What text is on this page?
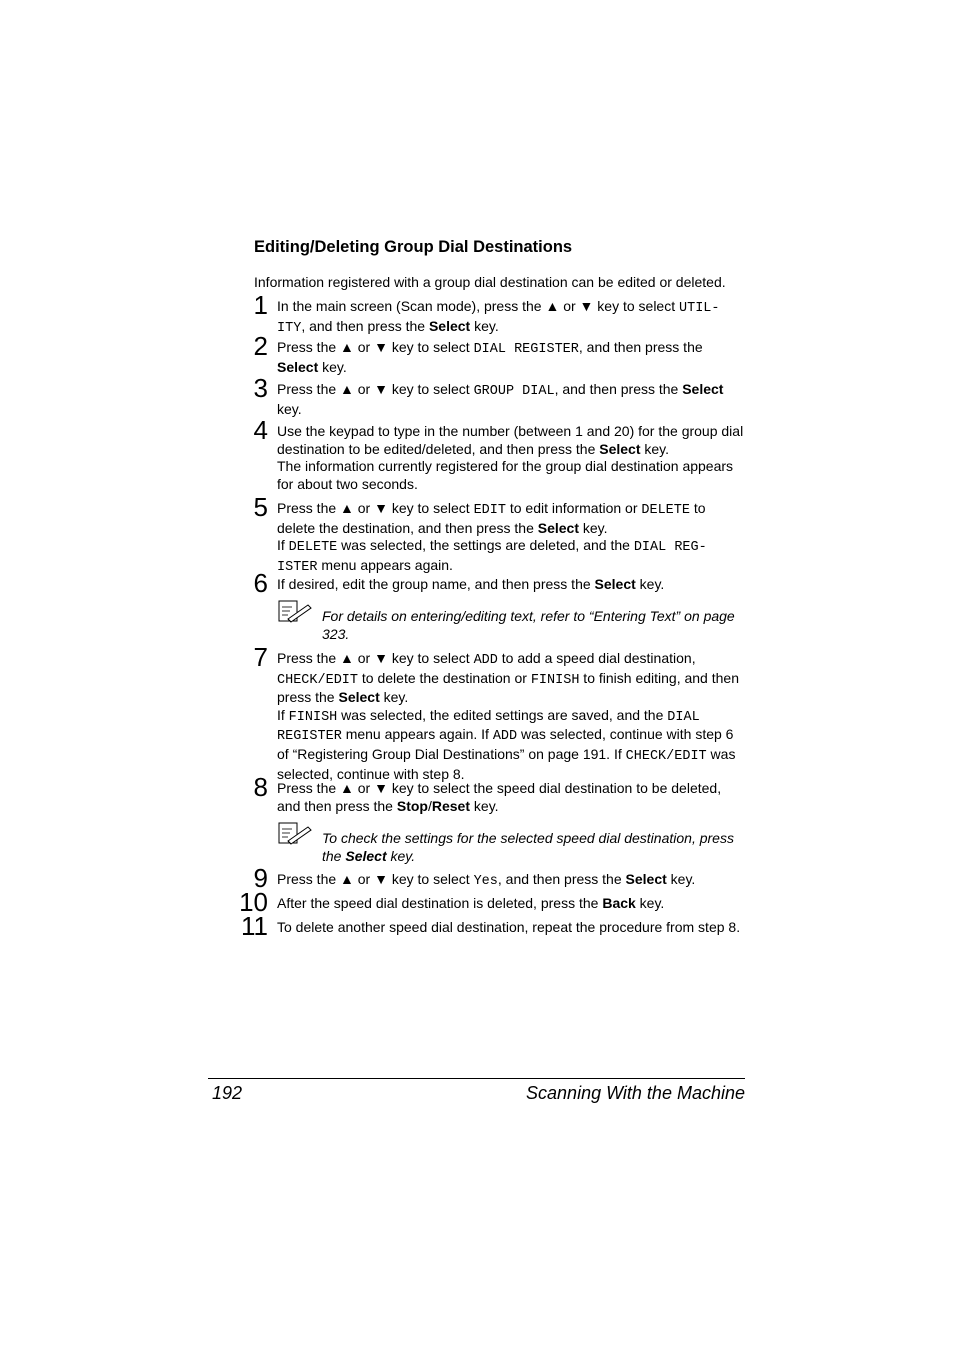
Editing/Deleting Group Dial Destinations
Information registered with a group dial destination can be edited or deleted.
1 In the main screen (Scan mode), press the ▲ or ▼ key to select UTIL-ITY, and then press the Select key.

2 Press the ▲ or ▼ key to select DIAL REGISTER, and then press the Select key.

3 Press the ▲ or ▼ key to select GROUP DIAL, and then press the Select key.

4 Use the keypad to type in the number (between 1 and 20) for the group dial destination to be edited/deleted, and then press the Select key.

The information currently registered for the group dial destination appears for about two seconds.

5 Press the ▲ or ▼ key to select EDIT to edit information or DELETE to delete the destination, and then press the Select key.

If DELETE was selected, the settings are deleted, and the DIAL REG-ISTER menu appears again.

6 If desired, edit the group name, and then press the Select key.

For details on entering/editing text, refer to “Entering Text” on page 323.
7 Press the ▲ or ▼ key to select ADD to add a speed dial destination, CHECK/EDIT to delete the destination or FINISH to finish editing, and then press the Select key.

If FINISH was selected, the edited settings are saved, and the DIAL REGISTER menu appears again. If ADD was selected, continue with step 6 of “Registering Group Dial Destinations” on page 191. If CHECK/EDIT was selected, continue with step 8.

8 Press the ▲ or ▼ key to select the speed dial destination to be deleted, and then press the Stop/Reset key.

To check the settings for the selected speed dial destination, press the Select key.
9 Press the ▲ or ▼ key to select Yes, and then press the Select key.

10 After the speed dial destination is deleted, press the Back key.

11 To delete another speed dial destination, repeat the procedure from step 8.

192	Scanning With the Machine
